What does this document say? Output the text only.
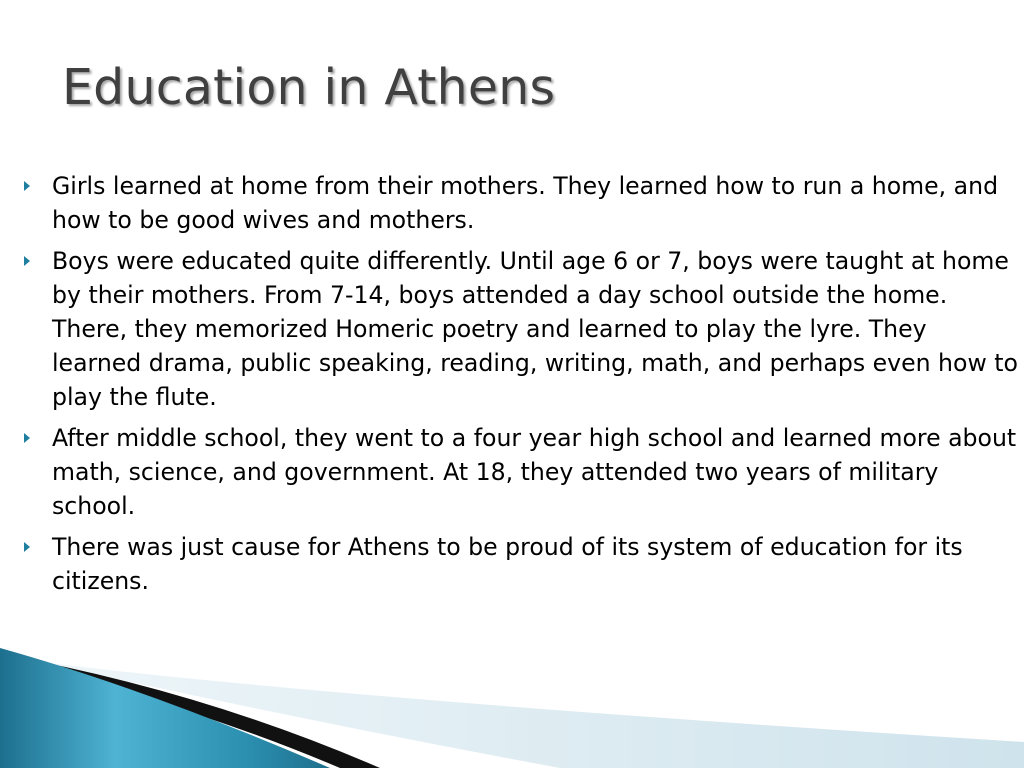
Education in Athens
Girls learned at home from their mothers. They learned how to run a home, and how to be good wives and mothers.
Boys were educated quite differently. Until age 6 or 7, boys were taught at home by their mothers. From 7-14, boys attended a day school outside the home. There, they memorized Homeric poetry and learned to play the lyre. They learned drama, public speaking, reading, writing, math, and perhaps even how to play the flute.
After middle school, they went to a four year high school and learned more about math, science, and government. At 18, they attended two years of military school.
There was just cause for Athens to be proud of its system of education for its citizens.
